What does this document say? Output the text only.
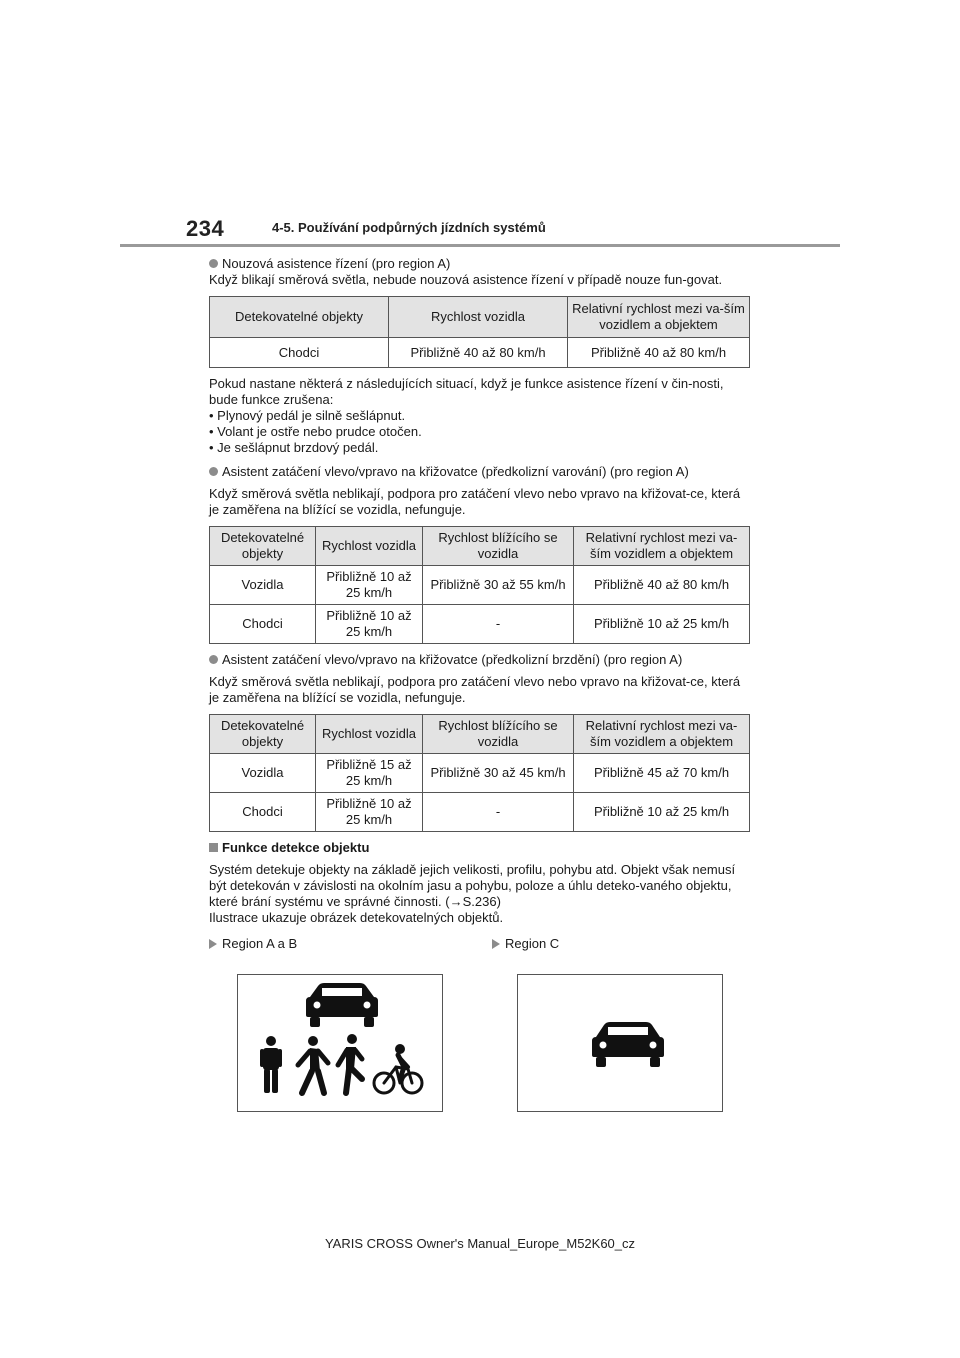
234	4-5. Používání podpůrných jízdních systémů
Nouzová asistence řízení (pro region A)

Když blikají směrová světla, nebude nouzová asistence řízení v případě nouze fun-govat.

Detekovatelné objekty	Rychlost vozidla	Relativní rychlost mezi va-ším vozidlem a objektem
Chodci	Přibližně 40 až 80 km/h	Přibližně 40 až 80 km/h

Pokud nastane některá z následujících situací, když je funkce asistence řízení v čin-nosti, bude funkce zrušena:

• Plynový pedál je silně sešlápnut.

• Volant je ostře nebo prudce otočen.

• Je sešlápnut brzdový pedál.

Asistent zatáčení vlevo/vpravo na křižovatce (předkolizní varování) (pro region A)

Když směrová světla neblikají, podpora pro zatáčení vlevo nebo vpravo na křižovat-ce, která je zaměřena na blížící se vozidla, nefunguje.

Detekovatelné objekty	Rychlost vozidla	Rychlost blížícího se vozidla	Relativní rychlost mezi va-ším vozidlem a objektem
Vozidla	Přibližně 10 až 25 km/h	Přibližně 30 až 55 km/h	Přibližně 40 až 80 km/h
Chodci	Přibližně 10 až 25 km/h	-	Přibližně 10 až 25 km/h
Asistent zatáčení vlevo/vpravo na křižovatce (předkolizní brzdění) (pro region A)

Když směrová světla neblikají, podpora pro zatáčení vlevo nebo vpravo na křižovat-ce, která je zaměřena na blížící se vozidla, nefunguje.

Detekovatelné objekty	Rychlost vozidla	Rychlost blížícího se vozidla	Relativní rychlost mezi va-ším vozidlem a objektem
Vozidla	Přibližně 15 až 25 km/h	Přibližně 30 až 45 km/h	Přibližně 45 až 70 km/h
Chodci	Přibližně 10 až 25 km/h	-	Přibližně 10 až 25 km/h
Funkce detekce objektu

Systém detekuje objekty na základě jejich velikosti, profilu, pohybu atd. Objekt však nemusí být detekován v závislosti na okolním jasu a pohybu, poloze a úhlu deteko-vaného objektu, které brání systému ve správné činnosti. (→S.236)

Ilustrace ukazuje obrázek detekovatelných objektů.

Region A a B	Region C
YARIS CROSS Owner's Manual_Europe_M52K60_cz
